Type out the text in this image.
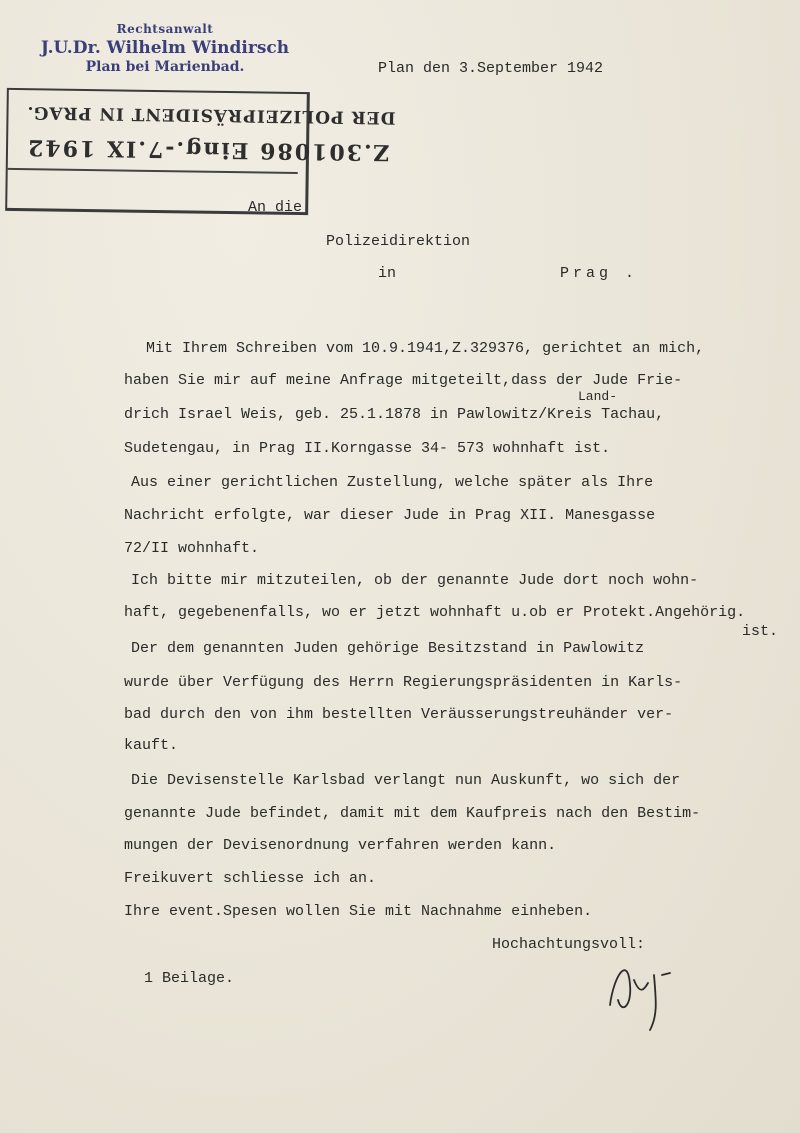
Rechtsanwalt
J.U.Dr. Wilhelm Windirsch
Plan bei Marienbad.	Plan den 3.September 1942
DER POLIZEIPRÄSIDENT IN PRAG.
Z.301086 Eing.-7.IX 1942
An die
Polizeidirektion
in	Prag .
Mit Ihrem Schreiben vom 10.9.1941,Z.329376, gerichtet an mich,
haben Sie mir auf meine Anfrage mitgeteilt,dass der Jude Frie-
Land-
drich Israel Weis, geb. 25.1.1878 in Pawlowitz/Kreis Tachau,
Sudetengau, in Prag II.Korngasse 34- 573 wohnhaft ist.
Aus einer gerichtlichen Zustellung, welche später als Ihre
Nachricht erfolgte, war dieser Jude in Prag XII. Manesgasse
72/II wohnhaft.
Ich bitte mir mitzuteilen, ob der genannte Jude dort noch wohn-
haft, gegebenenfalls, wo er jetzt wohnhaft u.ob er Protekt.Angehörig.
ist.
Der dem genannten Juden gehörige Besitzstand in Pawlowitz
wurde über Verfügung des Herrn Regierungspräsidenten in Karls-
bad durch den von ihm bestellten Veräusserungstreuhänder ver-
kauft.
Die Devisenstelle Karlsbad verlangt nun Auskunft, wo sich der
genannte Jude befindet, damit mit dem Kaufpreis nach den Bestim-
mungen der Devisenordnung verfahren werden kann.
Freikuvert schliesse ich an.
Ihre event.Spesen wollen Sie mit Nachnahme einheben.
Hochachtungsvoll:
1 Beilage.
